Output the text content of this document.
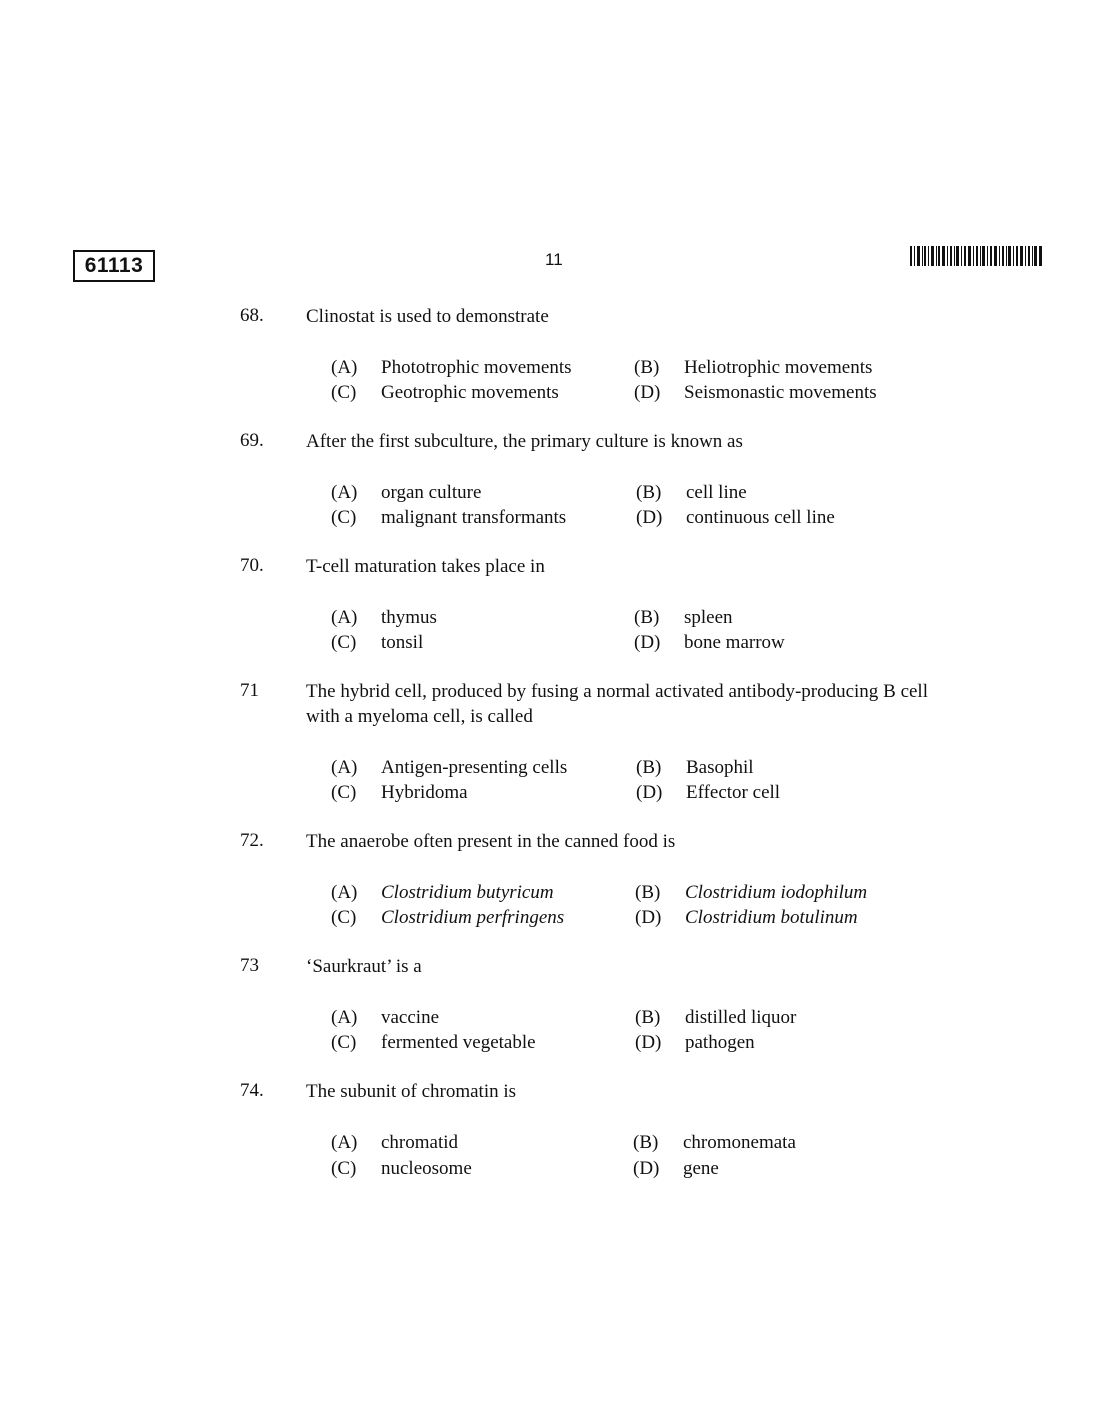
61113	11
68. Clinostat is used to demonstrate
(A) Phototrophic movements	(B) Heliotrophic movements
(C) Geotrophic movements	(D) Seismonastic movements
69. After the first subculture, the primary culture is known as
(A) organ culture	(B) cell line
(C) malignant transformants	(D) continuous cell line
70. T-cell maturation takes place in
(A) thymus	(B) spleen
(C) tonsil	(D) bone marrow
71 The hybrid cell, produced by fusing a normal activated antibody-producing B cell with a myeloma cell, is called
(A) Antigen-presenting cells	(B) Basophil
(C) Hybridoma	(D) Effector cell
72. The anaerobe often present in the canned food is
(A) Clostridium butyricum	(B) Clostridium iodophilum
(C) Clostridium perfringens	(D) Clostridium botulinum
73 ‘Saurkraut’ is a
(A) vaccine	(B) distilled liquor
(C) fermented vegetable	(D) pathogen
74. The subunit of chromatin is
(A) chromatid	(B) chromonemata
(C) nucleosome	(D) gene
